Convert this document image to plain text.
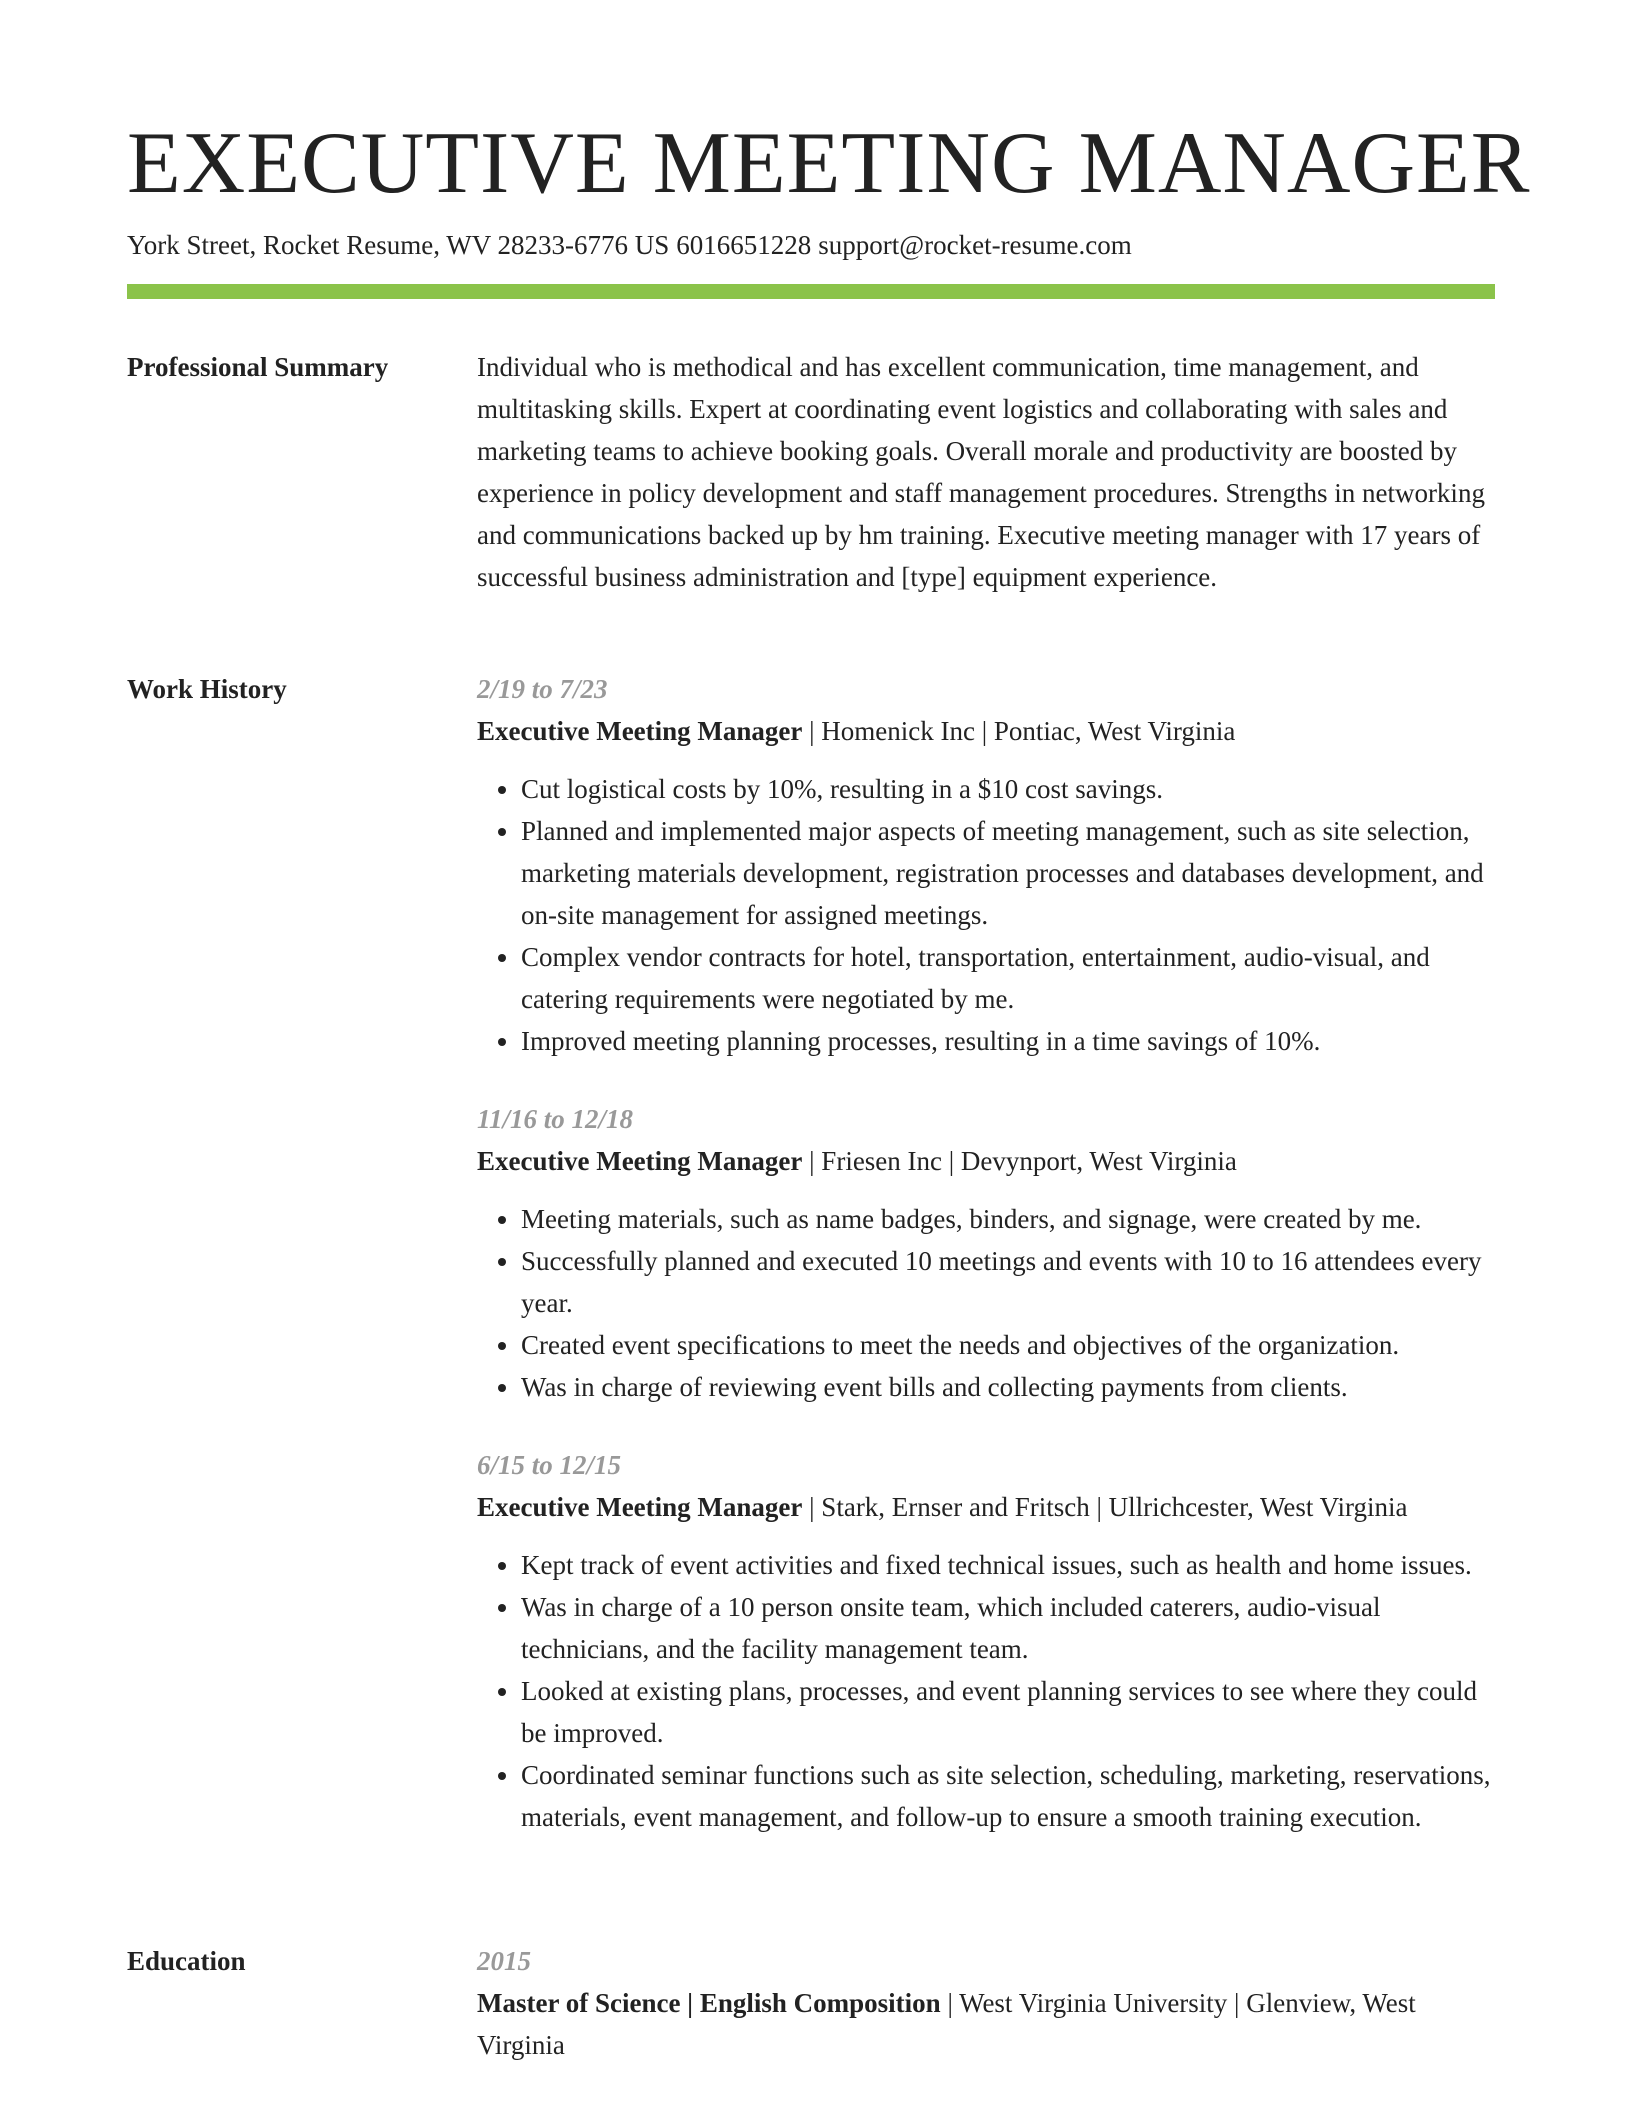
EXECUTIVE MEETING MANAGER
York Street, Rocket Resume, WV 28233-6776 US 6016651228 support@rocket-resume.com
Professional Summary	Individual who is methodical and has excellent communication, time management, and multitasking skills. Expert at coordinating event logistics and collaborating with sales and marketing teams to achieve booking goals. Overall morale and productivity are boosted by experience in policy development and staff management procedures. Strengths in networking and communications backed up by hm training. Executive meeting manager with 17 years of successful business administration and [type] equipment experience.

Work History	2/19 to 7/23
Executive Meeting Manager | Homenick Inc | Pontiac, West Virginia
• Cut logistical costs by 10%, resulting in a $10 cost savings.
• Planned and implemented major aspects of meeting management, such as site selection, marketing materials development, registration processes and databases development, and on-site management for assigned meetings.
• Complex vendor contracts for hotel, transportation, entertainment, audio-visual, and catering requirements were negotiated by me.
• Improved meeting planning processes, resulting in a time savings of 10%.
11/16 to 12/18
Executive Meeting Manager | Friesen Inc | Devynport, West Virginia
• Meeting materials, such as name badges, binders, and signage, were created by me.
• Successfully planned and executed 10 meetings and events with 10 to 16 attendees every year.
• Created event specifications to meet the needs and objectives of the organization.
• Was in charge of reviewing event bills and collecting payments from clients.
6/15 to 12/15
Executive Meeting Manager | Stark, Ernser and Fritsch | Ullrichcester, West Virginia
• Kept track of event activities and fixed technical issues, such as health and home issues.
• Was in charge of a 10 person onsite team, which included caterers, audio-visual technicians, and the facility management team.
• Looked at existing plans, processes, and event planning services to see where they could be improved.
• Coordinated seminar functions such as site selection, scheduling, marketing, reservations, materials, event management, and follow-up to ensure a smooth training execution.
Education	2015
Master of Science | English Composition | West Virginia University | Glenview, West Virginia
